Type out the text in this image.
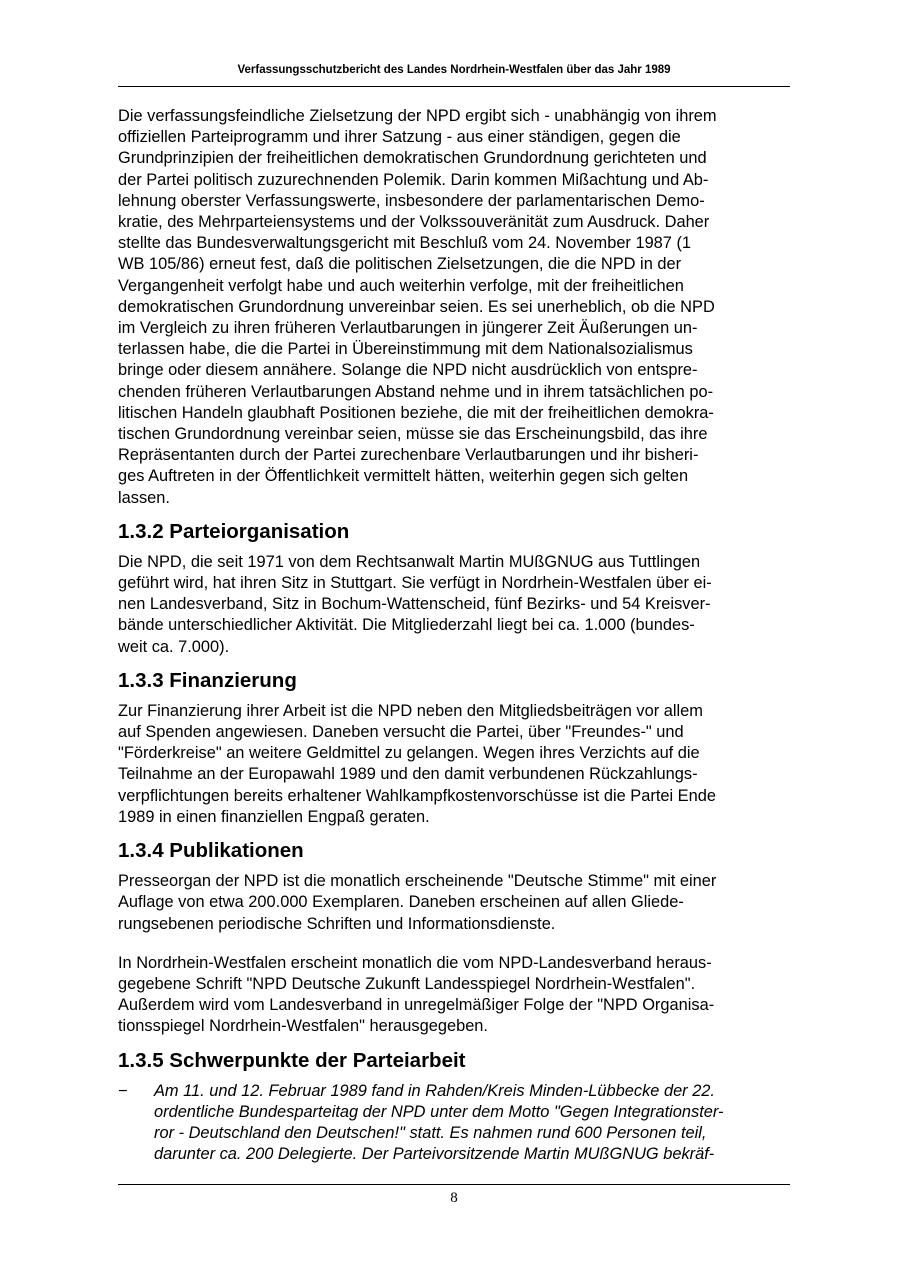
Verfassungsschutzbericht des Landes Nordrhein-Westfalen über das Jahr 1989

Die verfassungsfeindliche Zielsetzung der NPD ergibt sich - unabhängig von ihrem
offiziellen Parteiprogramm und ihrer Satzung - aus einer ständigen, gegen die
Grundprinzipien der freiheitlichen demokratischen Grundordnung gerichteten und
der Partei politisch zuzurechnenden Polemik. Darin kommen Mißachtung und Ab-
lehnung oberster Verfassungswerte, insbesondere der parlamentarischen Demo-
kratie, des Mehrparteiensystems und der Volkssouveränität zum Ausdruck. Daher
stellte das Bundesverwaltungsgericht mit Beschluß vom 24. November 1987 (1
WB 105/86) erneut fest, daß die politischen Zielsetzungen, die die NPD in der
Vergangenheit verfolgt habe und auch weiterhin verfolge, mit der freiheitlichen
demokratischen Grundordnung unvereinbar seien. Es sei unerheblich, ob die NPD
im Vergleich zu ihren früheren Verlautbarungen in jüngerer Zeit Äußerungen un-
terlassen habe, die die Partei in Übereinstimmung mit dem Nationalsozialismus
bringe oder diesem annähere. Solange die NPD nicht ausdrücklich von entspre-
chenden früheren Verlautbarungen Abstand nehme und in ihrem tatsächlichen po-
litischen Handeln glaubhaft Positionen beziehe, die mit der freiheitlichen demokra-
tischen Grundordnung vereinbar seien, müsse sie das Erscheinungsbild, das ihre
Repräsentanten durch der Partei zurechenbare Verlautbarungen und ihr bisheri-
ges Auftreten in der Öffentlichkeit vermittelt hätten, weiterhin gegen sich gelten
lassen.

1.3.2 Parteiorganisation

Die NPD, die seit 1971 von dem Rechtsanwalt Martin MUßGNUG aus Tuttlingen
geführt wird, hat ihren Sitz in Stuttgart. Sie verfügt in Nordrhein-Westfalen über ei-
nen Landesverband, Sitz in Bochum-Wattenscheid, fünf Bezirks- und 54 Kreisver-
bände unterschiedlicher Aktivität. Die Mitgliederzahl liegt bei ca. 1.000 (bundes-
weit ca. 7.000).

1.3.3 Finanzierung

Zur Finanzierung ihrer Arbeit ist die NPD neben den Mitgliedsbeiträgen vor allem
auf Spenden angewiesen. Daneben versucht die Partei, über "Freundes-" und
"Förderkreise" an weitere Geldmittel zu gelangen. Wegen ihres Verzichts auf die
Teilnahme an der Europawahl 1989 und den damit verbundenen Rückzahlungs-
verpflichtungen bereits erhaltener Wahlkampfkostenvorschüsse ist die Partei Ende
1989 in einen finanziellen Engpaß geraten.

1.3.4 Publikationen

Presseorgan der NPD ist die monatlich erscheinende "Deutsche Stimme" mit einer
Auflage von etwa 200.000 Exemplaren. Daneben erscheinen auf allen Gliede-
rungsebenen periodische Schriften und Informationsdienste.

In Nordrhein-Westfalen erscheint monatlich die vom NPD-Landesverband heraus-
gegebene Schrift "NPD Deutsche Zukunft Landesspiegel Nordrhein-Westfalen".
Außerdem wird vom Landesverband in unregelmäßiger Folge der "NPD Organisa-
tionsspiegel Nordrhein-Westfalen" herausgegeben.

1.3.5 Schwerpunkte der Parteiarbeit
− Am 11. und 12. Februar 1989 fand in Rahden/Kreis Minden-Lübbecke der 22.
ordentliche Bundesparteitag der NPD unter dem Motto "Gegen Integrationster-
ror - Deutschland den Deutschen!" statt. Es nahmen rund 600 Personen teil,
darunter ca. 200 Delegierte. Der Parteivorsitzende Martin MUßGNUG bekräf-
8
